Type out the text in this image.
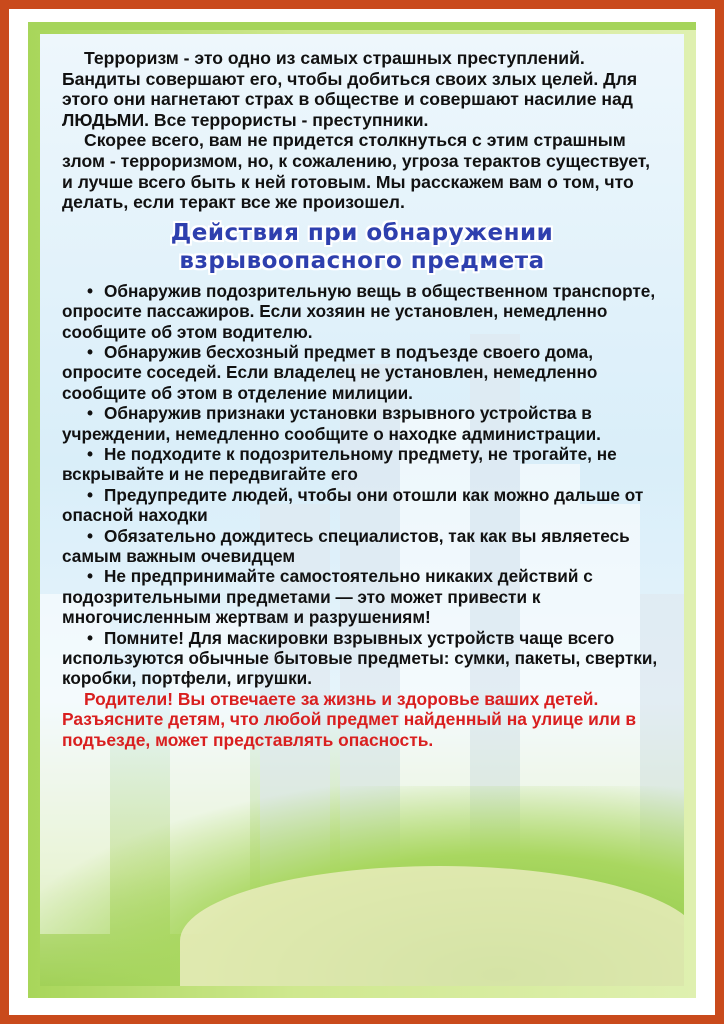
Терроризм - это одно из самых страшных преступлений. Бандиты совершают его, чтобы добиться своих злых целей. Для этого они нагнетают страх в обществе и совершают насилие над ЛЮДЬМИ. Все террористы - преступники.

Скорее всего, вам не придется столкнуться с этим страшным злом - терроризмом, но, к сожалению, угроза терактов существует, и лучше всего быть к ней готовым. Мы расскажем вам о том, что делать, если теракт все же произошел.

Действия при обнаружении
взрывоопасного предмета
• Обнаружив подозрительную вещь в общественном транспорте, опросите пассажиров. Если хозяин не установлен, немедленно сообщите об этом водителю.
• Обнаружив бесхозный предмет в подъезде своего дома, опросите соседей. Если владелец не установлен, немедленно сообщите об этом в отделение милиции.
• Обнаружив признаки установки взрывного устройства в учреждении, немедленно сообщите о находке администрации.
• Не подходите к подозрительному предмету, не трогайте, не вскрывайте и не передвигайте его
• Предупредите людей, чтобы они отошли как можно дальше от опасной находки
• Обязательно дождитесь специалистов, так как вы являетесь самым важным очевидцем
• Не предпринимайте самостоятельно никаких действий с подозрительными предметами — это может привести к многочисленным жертвам и разрушениям!
• Помните! Для маскировки взрывных устройств чаще всего используются обычные бытовые предметы: сумки, пакеты, свертки, коробки, портфели, игрушки.

Родители! Вы отвечаете за жизнь и здоровье ваших детей. Разъясните детям, что любой предмет найденный на улице или в подъезде, может представлять опасность.
